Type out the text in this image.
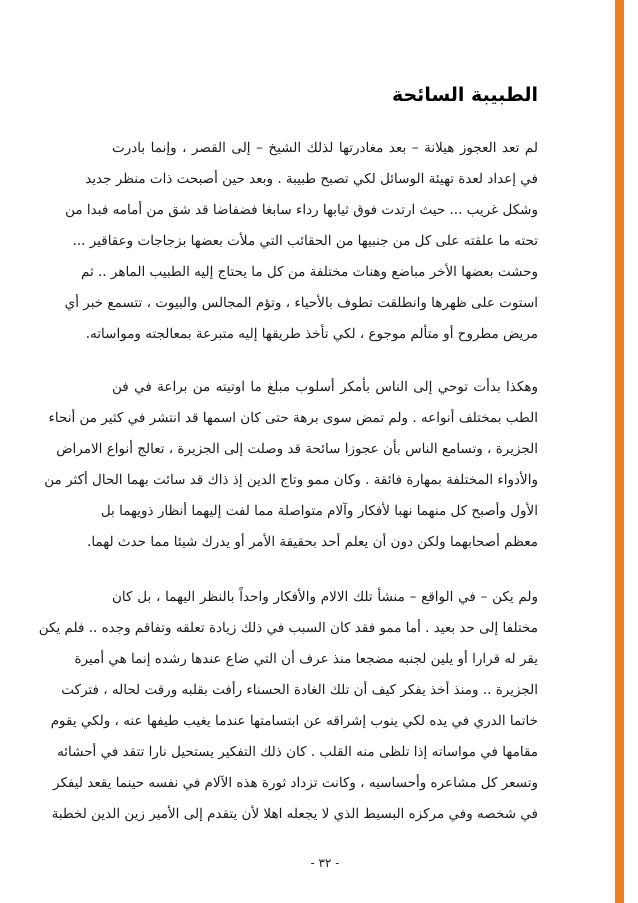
الطبيبة السائحة
لم تعد العجوز هيلانة – بعد مغادرتها لذلك الشيخ – إلى القصر ، وإنما بادرت
في إعداد لعدة تهيئة الوسائل لكي تصبح طبيبة . وبعد حين أصبحت ذات منظر جديد
وشكل غريب ... حيث ارتدت فوق ثيابها رداء سابغا فضفاضا قد شق من أمامه فبدا من
تحته ما علقته على كل من جنبيها من الحقائب التي ملأت بعضها بزجاجات وعقاقير ...
وحشت بعضها الأخر مباضع وهنات مختلفة من كل ما يحتاج إليه الطبيب الماهر .. ثم
استوت على ظهرها وانطلقت تطوف بالأحياء ، وتؤم المجالس والبيوت ، تتسمع خبر أي
مريض مطروح أو متألم موجوع ، لكي تأخذ طريقها إليه متبرعة بمعالجته ومواساته.
وهكذا بدأت توحي إلى الناس بأمكر أسلوب مبلغ ما اوتيته من براعة في فن
الطب بمختلف أنواعه . ولم تمض سوى برهة حتى كان اسمها قد انتشر في كثير من أنحاء
الجزيرة ، وتسامع الناس بأن عجوزا سائحة قد وصلت إلى الجزيرة ، تعالج أنواع الامراض
والأدواء المختلفة بمهارة فائقة . وكان ممو وتاج الدين إذ ذاك قد سائت بهما الحال أكثر من
الأول وأصبح كل منهما نهبا لأفكار وآلام متواصلة مما لفت إليهما أنظار ذويهما بل
معظم أصحابهما ولكن دون أن يعلم أحد بحقيقة الأمر أو يدرك شيئا مما حدث لهما.
ولم يكن – في الواقع – منشأ تلك الالام والأفكار واحداً بالنظر اليهما ، بل كان
مختلفا إلى حد بعيد . أما ممو فقد كان السبب في ذلك زيادة تعلقه وتفاقم وجده .. فلم يكن
يقر له قرارا أو يلين لجنبه مضجعا منذ عرف أن التي ضاع عندها رشده إنما هي أميرة
الجزيرة .. ومنذ أخذ يفكر كيف أن تلك الغادة الحسناء رأفت بقلبه ورقت لحاله ، فتركت
خاتما الدري في يده لكي ينوب إشراقه عن ابتسامتها عندما يغيب طيفها عنه ، ولكي يقوم
مقامها في مواساته إذا تلظى منه القلب . كان ذلك التفكير يستحيل نارا تتقد في أحشائه
وتسعر كل مشاعره وأحساسيه ، وكانت تزداد ثورة هذه الآلام في نفسه حينما يقعد ليفكر
في شخصه وفي مركزه البسيط الذي لا يجعله اهلا لأن يتقدم إلى الأمير زين الدين لخطبة
- ٣٢ -
